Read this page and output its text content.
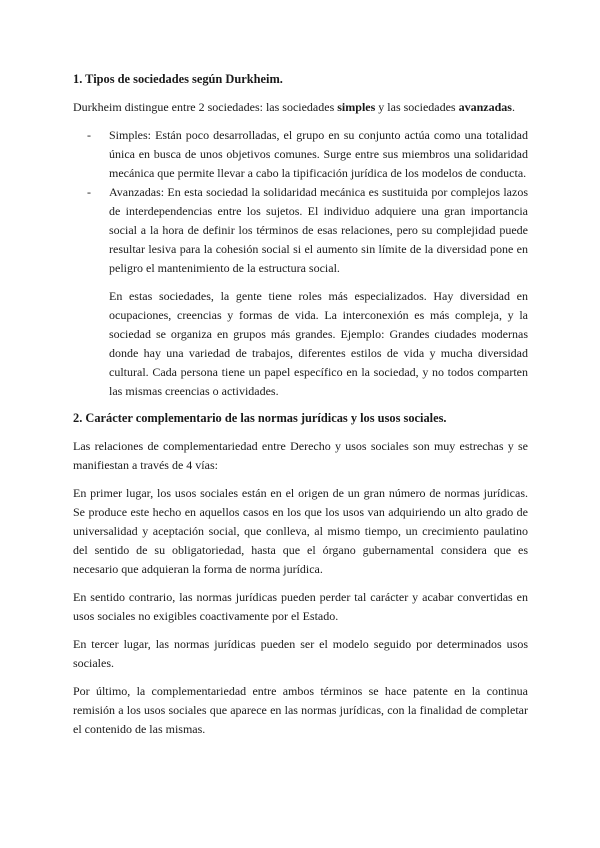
1. Tipos de sociedades según Durkheim.

Durkheim distingue entre 2 sociedades: las sociedades simples y las sociedades avanzadas.

- Simples: Están poco desarrolladas, el grupo en su conjunto actúa como una totalidad única en busca de unos objetivos comunes. Surge entre sus miembros una solidaridad mecánica que permite llevar a cabo la tipificación jurídica de los modelos de conducta.
- Avanzadas: En esta sociedad la solidaridad mecánica es sustituida por complejos lazos de interdependencias entre los sujetos. El individuo adquiere una gran importancia social a la hora de definir los términos de esas relaciones, pero su complejidad puede resultar lesiva para la cohesión social si el aumento sin límite de la diversidad pone en peligro el mantenimiento de la estructura social.

En estas sociedades, la gente tiene roles más especializados. Hay diversidad en ocupaciones, creencias y formas de vida. La interconexión es más compleja, y la sociedad se organiza en grupos más grandes. Ejemplo: Grandes ciudades modernas donde hay una variedad de trabajos, diferentes estilos de vida y mucha diversidad cultural. Cada persona tiene un papel específico en la sociedad, y no todos comparten las mismas creencias o actividades.

2. Carácter complementario de las normas jurídicas y los usos sociales.

Las relaciones de complementariedad entre Derecho y usos sociales son muy estrechas y se manifiestan a través de 4 vías:

En primer lugar, los usos sociales están en el origen de un gran número de normas jurídicas. Se produce este hecho en aquellos casos en los que los usos van adquiriendo un alto grado de universalidad y aceptación social, que conlleva, al mismo tiempo, un crecimiento paulatino del sentido de su obligatoriedad, hasta que el órgano gubernamental considera que es necesario que adquieran la forma de norma jurídica.

En sentido contrario, las normas jurídicas pueden perder tal carácter y acabar convertidas en usos sociales no exigibles coactivamente por el Estado.

En tercer lugar, las normas jurídicas pueden ser el modelo seguido por determinados usos sociales.

Por último, la complementariedad entre ambos términos se hace patente en la continua remisión a los usos sociales que aparece en las normas jurídicas, con la finalidad de completar el contenido de las mismas.
